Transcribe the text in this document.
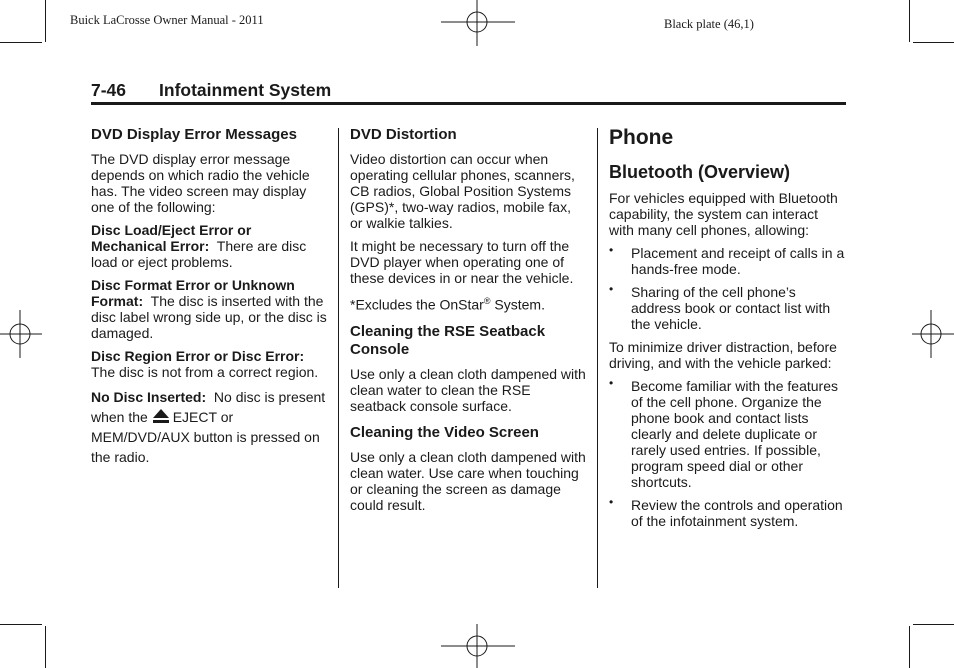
Buick LaCrosse Owner Manual - 2011	Black plate (46,1)
7-46 Infotainment System
DVD Display Error Messages

The DVD display error message depends on which radio the vehicle has. The video screen may display one of the following:

Disc Load/Eject Error or Mechanical Error: There are disc load or eject problems.

Disc Format Error or Unknown Format: The disc is inserted with the disc label wrong side up, or the disc is damaged.

Disc Region Error or Disc Error: The disc is not from a correct region.

No Disc Inserted: No disc is present when the EJECT or MEM/DVD/AUX button is pressed on the radio.

DVD Distortion

Video distortion can occur when operating cellular phones, scanners, CB radios, Global Position Systems (GPS)*, two-way radios, mobile fax, or walkie talkies.

It might be necessary to turn off the DVD player when operating one of these devices in or near the vehicle.

*Excludes the OnStar® System.

Cleaning the RSE Seatback Console

Use only a clean cloth dampened with clean water to clean the RSE seatback console surface.

Cleaning the Video Screen

Use only a clean cloth dampened with clean water. Use care when touching or cleaning the screen as damage could result.

Phone
Bluetooth (Overview)

For vehicles equipped with Bluetooth capability, the system can interact with many cell phones, allowing:

• Placement and receipt of calls in a hands-free mode.
• Sharing of the cell phone’s address book or contact list with the vehicle.

To minimize driver distraction, before driving, and with the vehicle parked:

• Become familiar with the features of the cell phone. Organize the phone book and contact lists clearly and delete duplicate or rarely used entries. If possible, program speed dial or other shortcuts.
• Review the controls and operation of the infotainment system.
